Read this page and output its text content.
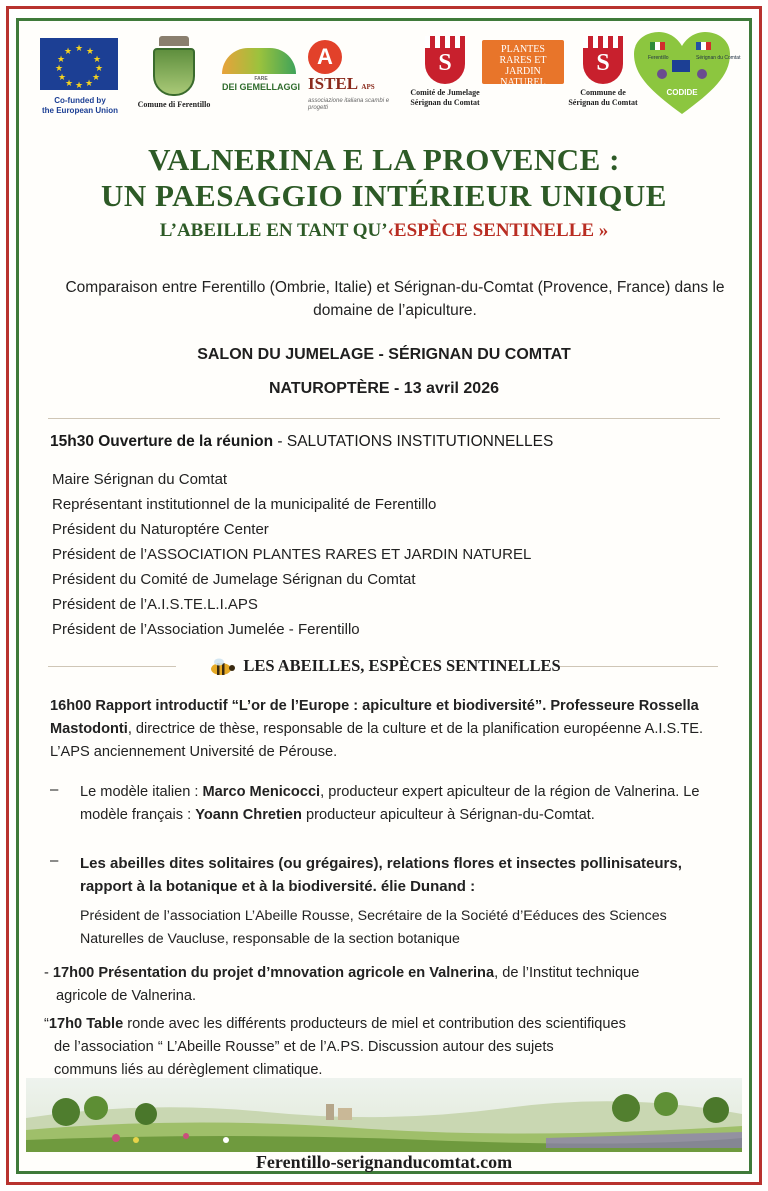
★ ★
★
★
★
★
★
★
★
★
★
★
Co-funded by
the European Union
Comune di Ferentillo
FARE
DEI GEMELLAGGI
A ISTEL APS
associazione italiana scambi e progetti
S
Comité de Jumelage
Sérignan du Comtat
PLANTES RARES ET
JARDIN NATUREL
S
Commune de
Sérignan du Comtat
Ferentillo	Sérignan du Comtat
CODIDE
VALNERINA E LA PROVENCE :
UN PAESAGGIO INTÉRIEUR UNIQUE
L’ABEILLE EN TANT QU’‹ESPÈCE SENTINELLE »
Comparaison entre Ferentillo (Ombrie, Italie) et Sérignan-du-Comtat (Provence, France) dans le domaine de l’apiculture.
SALON DU JUMELAGE - SÉRIGNAN DU COMTAT
NATUROPTÈRE - 13 avril 2026
15h30 Ouverture de la réunion - SALUTATIONS INSTITUTIONNELLES
Maire Sérignan du Comtat
Représentant institutionnel de la municipalité de Ferentillo
Président du Naturoptére Center
Président de l’ASSOCIATION PLANTES RARES ET JARDIN NATUREL
Président du Comité de Jumelage Sérignan du Comtat
Président de l’A.I.S.TE.L.I.APS
Président de l’Association Jumelée - Ferentillo
LES ABEILLES, ESPÈCES SENTINELLES
16h00 Rapport introductif “L’or de l’Europe : apiculture et biodiversité”. Professeure Rossella Mastodonti, directrice de thèse, responsable de la culture et de la planification européenne A.I.S.TE. L’APS anciennement Université de Pérouse.
– Le modèle italien : Marco Menicocci, producteur expert apiculteur de la région de Valnerina. Le modèle français : Yoann Chretien producteur apiculteur à Sérignan-du-Comtat.
– Les abeilles dites solitaires (ou grégaires), relations flores et insectes pollinisateurs, rapport à la botanique et à la biodiversité. élie Dunand :
Président de l’association L’Abeille Rousse, Secrétaire de la Société d’Eéduces des Sciences Naturelles de Vaucluse, responsable de la section botanique
- 17h00 Présentation du projet d’mnovation agricole en Valnerina, de l’Institut technique
agricole de Valnerina.
“17h0 Table ronde avec les différents producteurs de miel et contribution des scientifiques
de l’association “ L’Abeille Rousse” et de l’A.PS. Discussion autour des sujets
communs liés au dérèglement climatique.
Ferentillo-serignanducomtat.com
